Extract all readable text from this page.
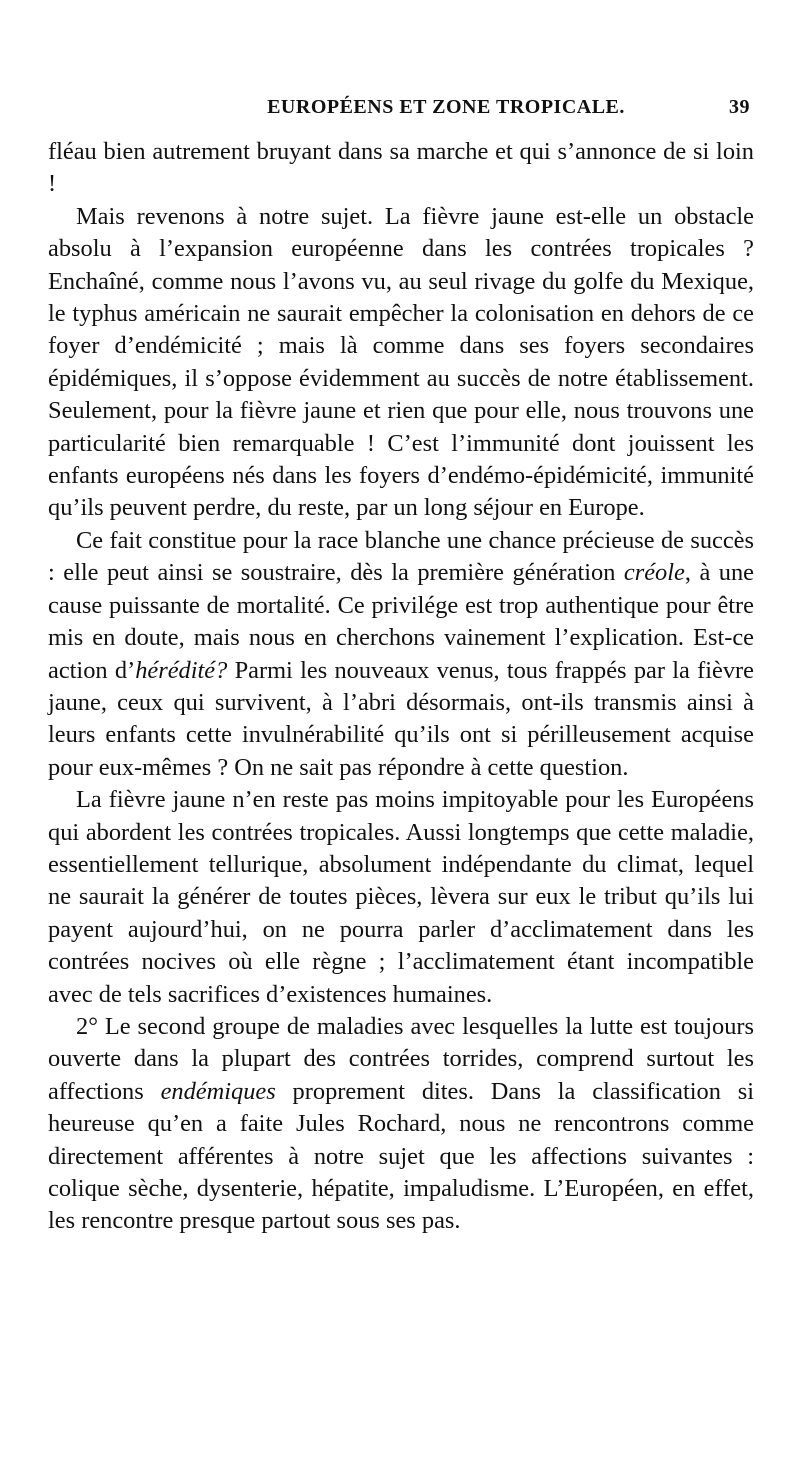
EUROPÉENS ET ZONE TROPICALE.	39

fléau bien autrement bruyant dans sa marche et qui s’annonce de si loin !

Mais revenons à notre sujet. La fièvre jaune est-elle un obstacle absolu à l’expansion européenne dans les contrées tropicales ? Enchaîné, comme nous l’avons vu, au seul rivage du golfe du Mexique, le typhus américain ne saurait empêcher la colonisation en dehors de ce foyer d’endémicité ; mais là comme dans ses foyers secondaires épidémiques, il s’oppose évidemment au succès de notre établissement. Seulement, pour la fièvre jaune et rien que pour elle, nous trouvons une particularité bien remarquable ! C’est l’immunité dont jouissent les enfants européens nés dans les foyers d’endémo-épidémicité, immunité qu’ils peuvent perdre, du reste, par un long séjour en Europe.

Ce fait constitue pour la race blanche une chance précieuse de succès : elle peut ainsi se soustraire, dès la première génération créole, à une cause puissante de mortalité. Ce privilége est trop authentique pour être mis en doute, mais nous en cherchons vainement l’explication. Est-ce action d’hérédité? Parmi les nouveaux venus, tous frappés par la fièvre jaune, ceux qui survivent, à l’abri désormais, ont-ils transmis ainsi à leurs enfants cette invulnérabilité qu’ils ont si périlleusement acquise pour eux-mêmes ? On ne sait pas répondre à cette question.

La fièvre jaune n’en reste pas moins impitoyable pour les Européens qui abordent les contrées tropicales. Aussi longtemps que cette maladie, essentiellement tellurique, absolument indépendante du climat, lequel ne saurait la générer de toutes pièces, lèvera sur eux le tribut qu’ils lui payent aujourd’hui, on ne pourra parler d’acclimatement dans les contrées nocives où elle règne ; l’acclimatement étant incompatible avec de tels sacrifices d’existences humaines.

2° Le second groupe de maladies avec lesquelles la lutte est toujours ouverte dans la plupart des contrées torrides, comprend surtout les affections endémiques proprement dites. Dans la classification si heureuse qu’en a faite Jules Rochard, nous ne rencontrons comme directement afférentes à notre sujet que les affections suivantes : colique sèche, dysenterie, hépatite, impaludisme. L’Européen, en effet, les rencontre presque partout sous ses pas.
